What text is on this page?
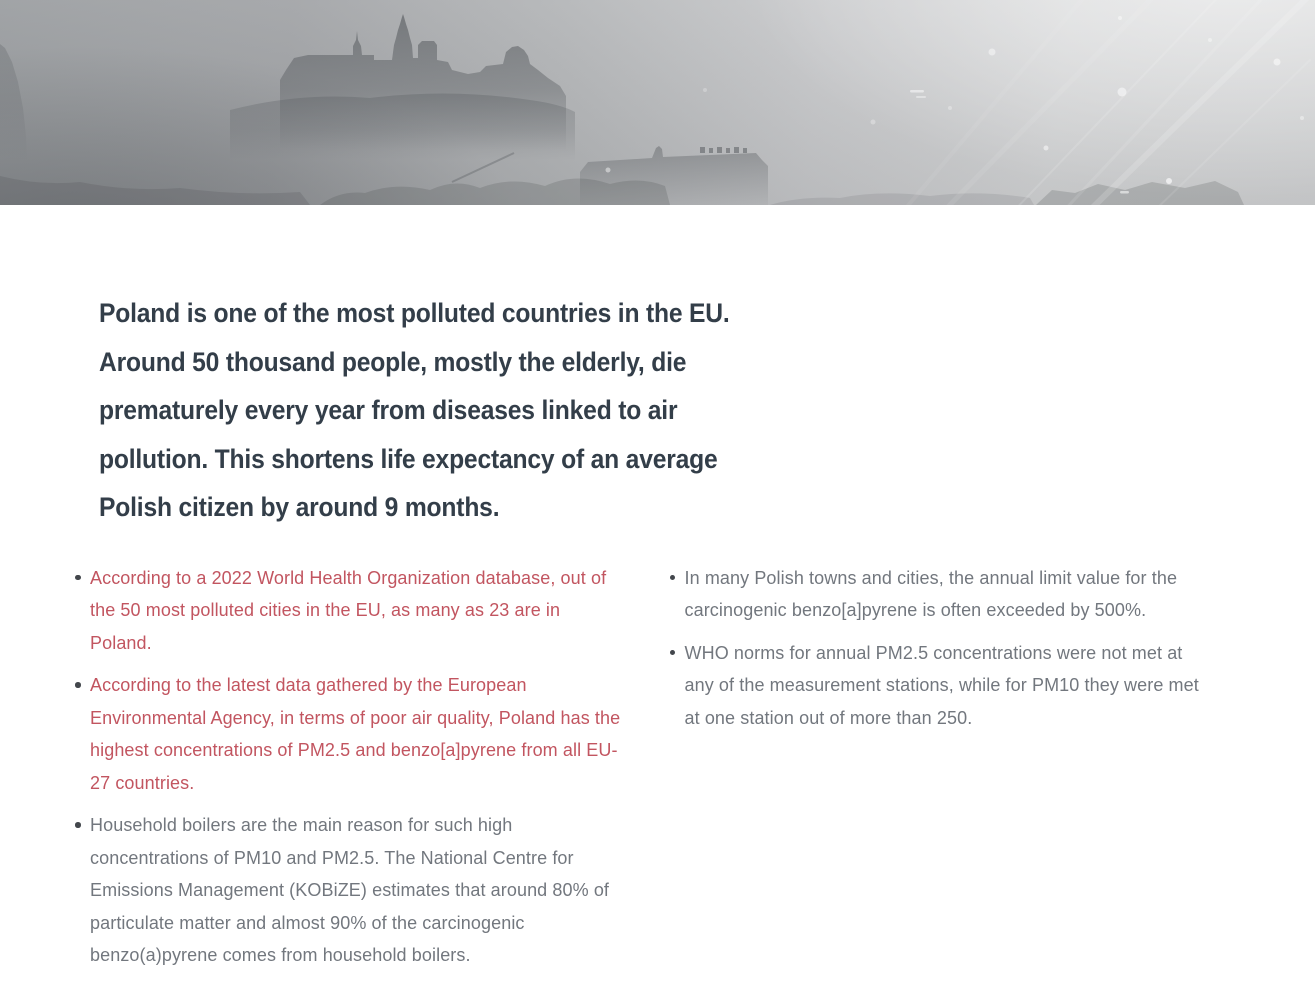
Poland is one of the most polluted countries in the EU.
Around 50 thousand people, mostly the elderly, die
prematurely every year from diseases linked to air
pollution. This shortens life expectancy of an average
Polish citizen by around 9 months.
According to a 2022 World Health Organization database, out of the 50 most polluted cities in the EU, as many as 23 are in Poland.
According to the latest data gathered by the European Environmental Agency, in terms of poor air quality, Poland has the highest concentrations of PM2.5 and benzo[a]pyrene from all EU-27 countries.
Household boilers are the main reason for such high concentrations of PM10 and PM2.5. The National Centre for Emissions Management (KOBiZE) estimates that around 80% of particulate matter and almost 90% of the carcinogenic benzo(a)pyrene comes from household boilers.
In many Polish towns and cities, the annual limit value for the carcinogenic benzo[a]pyrene is often exceeded by 500%.
WHO norms for annual PM2.5 concentrations were not met at any of the measurement stations, while for PM10 they were met at one station out of more than 250.
